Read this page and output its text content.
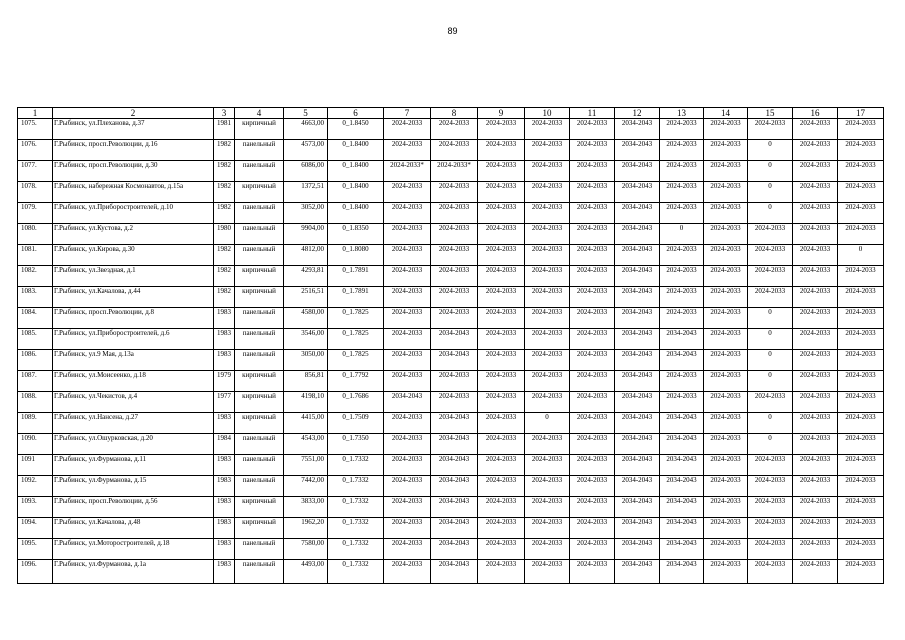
89
1	2	3	4	5	6	7	8	9	10	11	12	13	14	15	16	17
1075.	Г.Рыбинск, ул.Плеханова, д.37	1981	кирпичный	4663,00	0_1.8450	2024-2033	2024-2033	2024-2033	2024-2033	2024-2033	2034-2043	2024-2033	2024-2033	2024-2033	2024-2033	2024-2033
1076.	Г.Рыбинск, просп.Революции, д.16	1982	панельный	4573,00	0_1.8400	2024-2033	2024-2033	2024-2033	2024-2033	2024-2033	2034-2043	2024-2033	2024-2033	0	2024-2033	2024-2033
1077.	Г.Рыбинск, просп.Революции, д.30	1982	панельный	6086,00	0_1.8400	2024-2033*	2024-2033*	2024-2033	2024-2033	2024-2033	2034-2043	2024-2033	2024-2033	0	2024-2033	2024-2033
1078.	Г.Рыбинск, набережная Космонавтов, д.15а	1982	кирпичный	1372,51	0_1.8400	2024-2033	2024-2033	2024-2033	2024-2033	2024-2033	2034-2043	2024-2033	2024-2033	0	2024-2033	2024-2033
1079.	Г.Рыбинск, ул.Приборостроителей, д.10	1982	панельный	3052,00	0_1.8400	2024-2033	2024-2033	2024-2033	2024-2033	2024-2033	2034-2043	2024-2033	2024-2033	0	2024-2033	2024-2033
1080.	Г.Рыбинск, ул.Кустова, д.2	1980	панельный	9904,00	0_1.8350	2024-2033	2024-2033	2024-2033	2024-2033	2024-2033	2034-2043	0	2024-2033	2024-2033	2024-2033	2024-2033
1081.	Г.Рыбинск, ул.Кирова, д.30	1982	панельный	4812,00	0_1.8080	2024-2033	2024-2033	2024-2033	2024-2033	2024-2033	2034-2043	2024-2033	2024-2033	2024-2033	2024-2033	0
1082.	Г.Рыбинск, ул.Звездная, д.1	1982	кирпичный	4293,81	0_1.7891	2024-2033	2024-2033	2024-2033	2024-2033	2024-2033	2034-2043	2024-2033	2024-2033	2024-2033	2024-2033	2024-2033
1083.	Г.Рыбинск, ул.Качалова, д.44	1982	кирпичный	2516,51	0_1.7891	2024-2033	2024-2033	2024-2033	2024-2033	2024-2033	2034-2043	2024-2033	2024-2033	2024-2033	2024-2033	2024-2033
1084.	Г.Рыбинск, просп.Революции, д.8	1983	панельный	4580,00	0_1.7825	2024-2033	2024-2033	2024-2033	2024-2033	2024-2033	2034-2043	2024-2033	2024-2033	0	2024-2033	2024-2033
1085.	Г.Рыбинск, ул.Приборостроителей, д.6	1983	панельный	3546,00	0_1.7825	2024-2033	2034-2043	2024-2033	2024-2033	2024-2033	2034-2043	2034-2043	2024-2033	0	2024-2033	2024-2033
1086.	Г.Рыбинск, ул.9 Мая, д.13а	1983	панельный	3050,00	0_1.7825	2024-2033	2034-2043	2024-2033	2024-2033	2024-2033	2034-2043	2034-2043	2024-2033	0	2024-2033	2024-2033
1087.	Г.Рыбинск, ул.Моисеенко, д.18	1979	кирпичный	856,81	0_1.7792	2024-2033	2024-2033	2024-2033	2024-2033	2024-2033	2034-2043	2024-2033	2024-2033	0	2024-2033	2024-2033
1088.	Г.Рыбинск, ул.Чекистов, д.4	1977	кирпичный	4198,10	0_1.7686	2034-2043	2024-2033	2024-2033	2024-2033	2024-2033	2034-2043	2024-2033	2024-2033	2024-2033	2024-2033	2024-2033
1089.	Г.Рыбинск, ул.Нансена, д.27	1983	кирпичный	4415,00	0_1.7509	2024-2033	2034-2043	2024-2033	0	2024-2033	2034-2043	2034-2043	2024-2033	0	2024-2033	2024-2033
1090.	Г.Рыбинск, ул.Ошурковская, д.20	1984	панельный	4543,00	0_1.7350	2024-2033	2034-2043	2024-2033	2024-2033	2024-2033	2034-2043	2034-2043	2024-2033	0	2024-2033	2024-2033
1091	Г.Рыбинск, ул.Фурманова, д.11	1983	панельный	7551,00	0_1.7332	2024-2033	2034-2043	2024-2033	2024-2033	2024-2033	2034-2043	2034-2043	2024-2033	2024-2033	2024-2033	2024-2033
1092.	Г.Рыбинск, ул.Фурманова, д.15	1983	панельный	7442,00	0_1.7332	2024-2033	2034-2043	2024-2033	2024-2033	2024-2033	2034-2043	2034-2043	2024-2033	2024-2033	2024-2033	2024-2033
1093.	Г.Рыбинск, просп.Революции, д.56	1983	кирпичный	3833,00	0_1.7332	2024-2033	2034-2043	2024-2033	2024-2033	2024-2033	2034-2043	2034-2043	2024-2033	2024-2033	2024-2033	2024-2033
1094.	Г.Рыбинск, ул.Качалова, д.48	1983	кирпичный	1962,20	0_1.7332	2024-2033	2034-2043	2024-2033	2024-2033	2024-2033	2034-2043	2034-2043	2024-2033	2024-2033	2024-2033	2024-2033
1095.	Г.Рыбинск, ул.Моторостроителей, д.18	1983	панельный	7580,00	0_1.7332	2024-2033	2034-2043	2024-2033	2024-2033	2024-2033	2034-2043	2034-2043	2024-2033	2024-2033	2024-2033	2024-2033
1096.	Г.Рыбинск, ул.Фурманова, д.1а	1983	панельный	4493,00	0_1.7332	2024-2033	2034-2043	2024-2033	2024-2033	2024-2033	2034-2043	2034-2043	2024-2033	2024-2033	2024-2033	2024-2033
